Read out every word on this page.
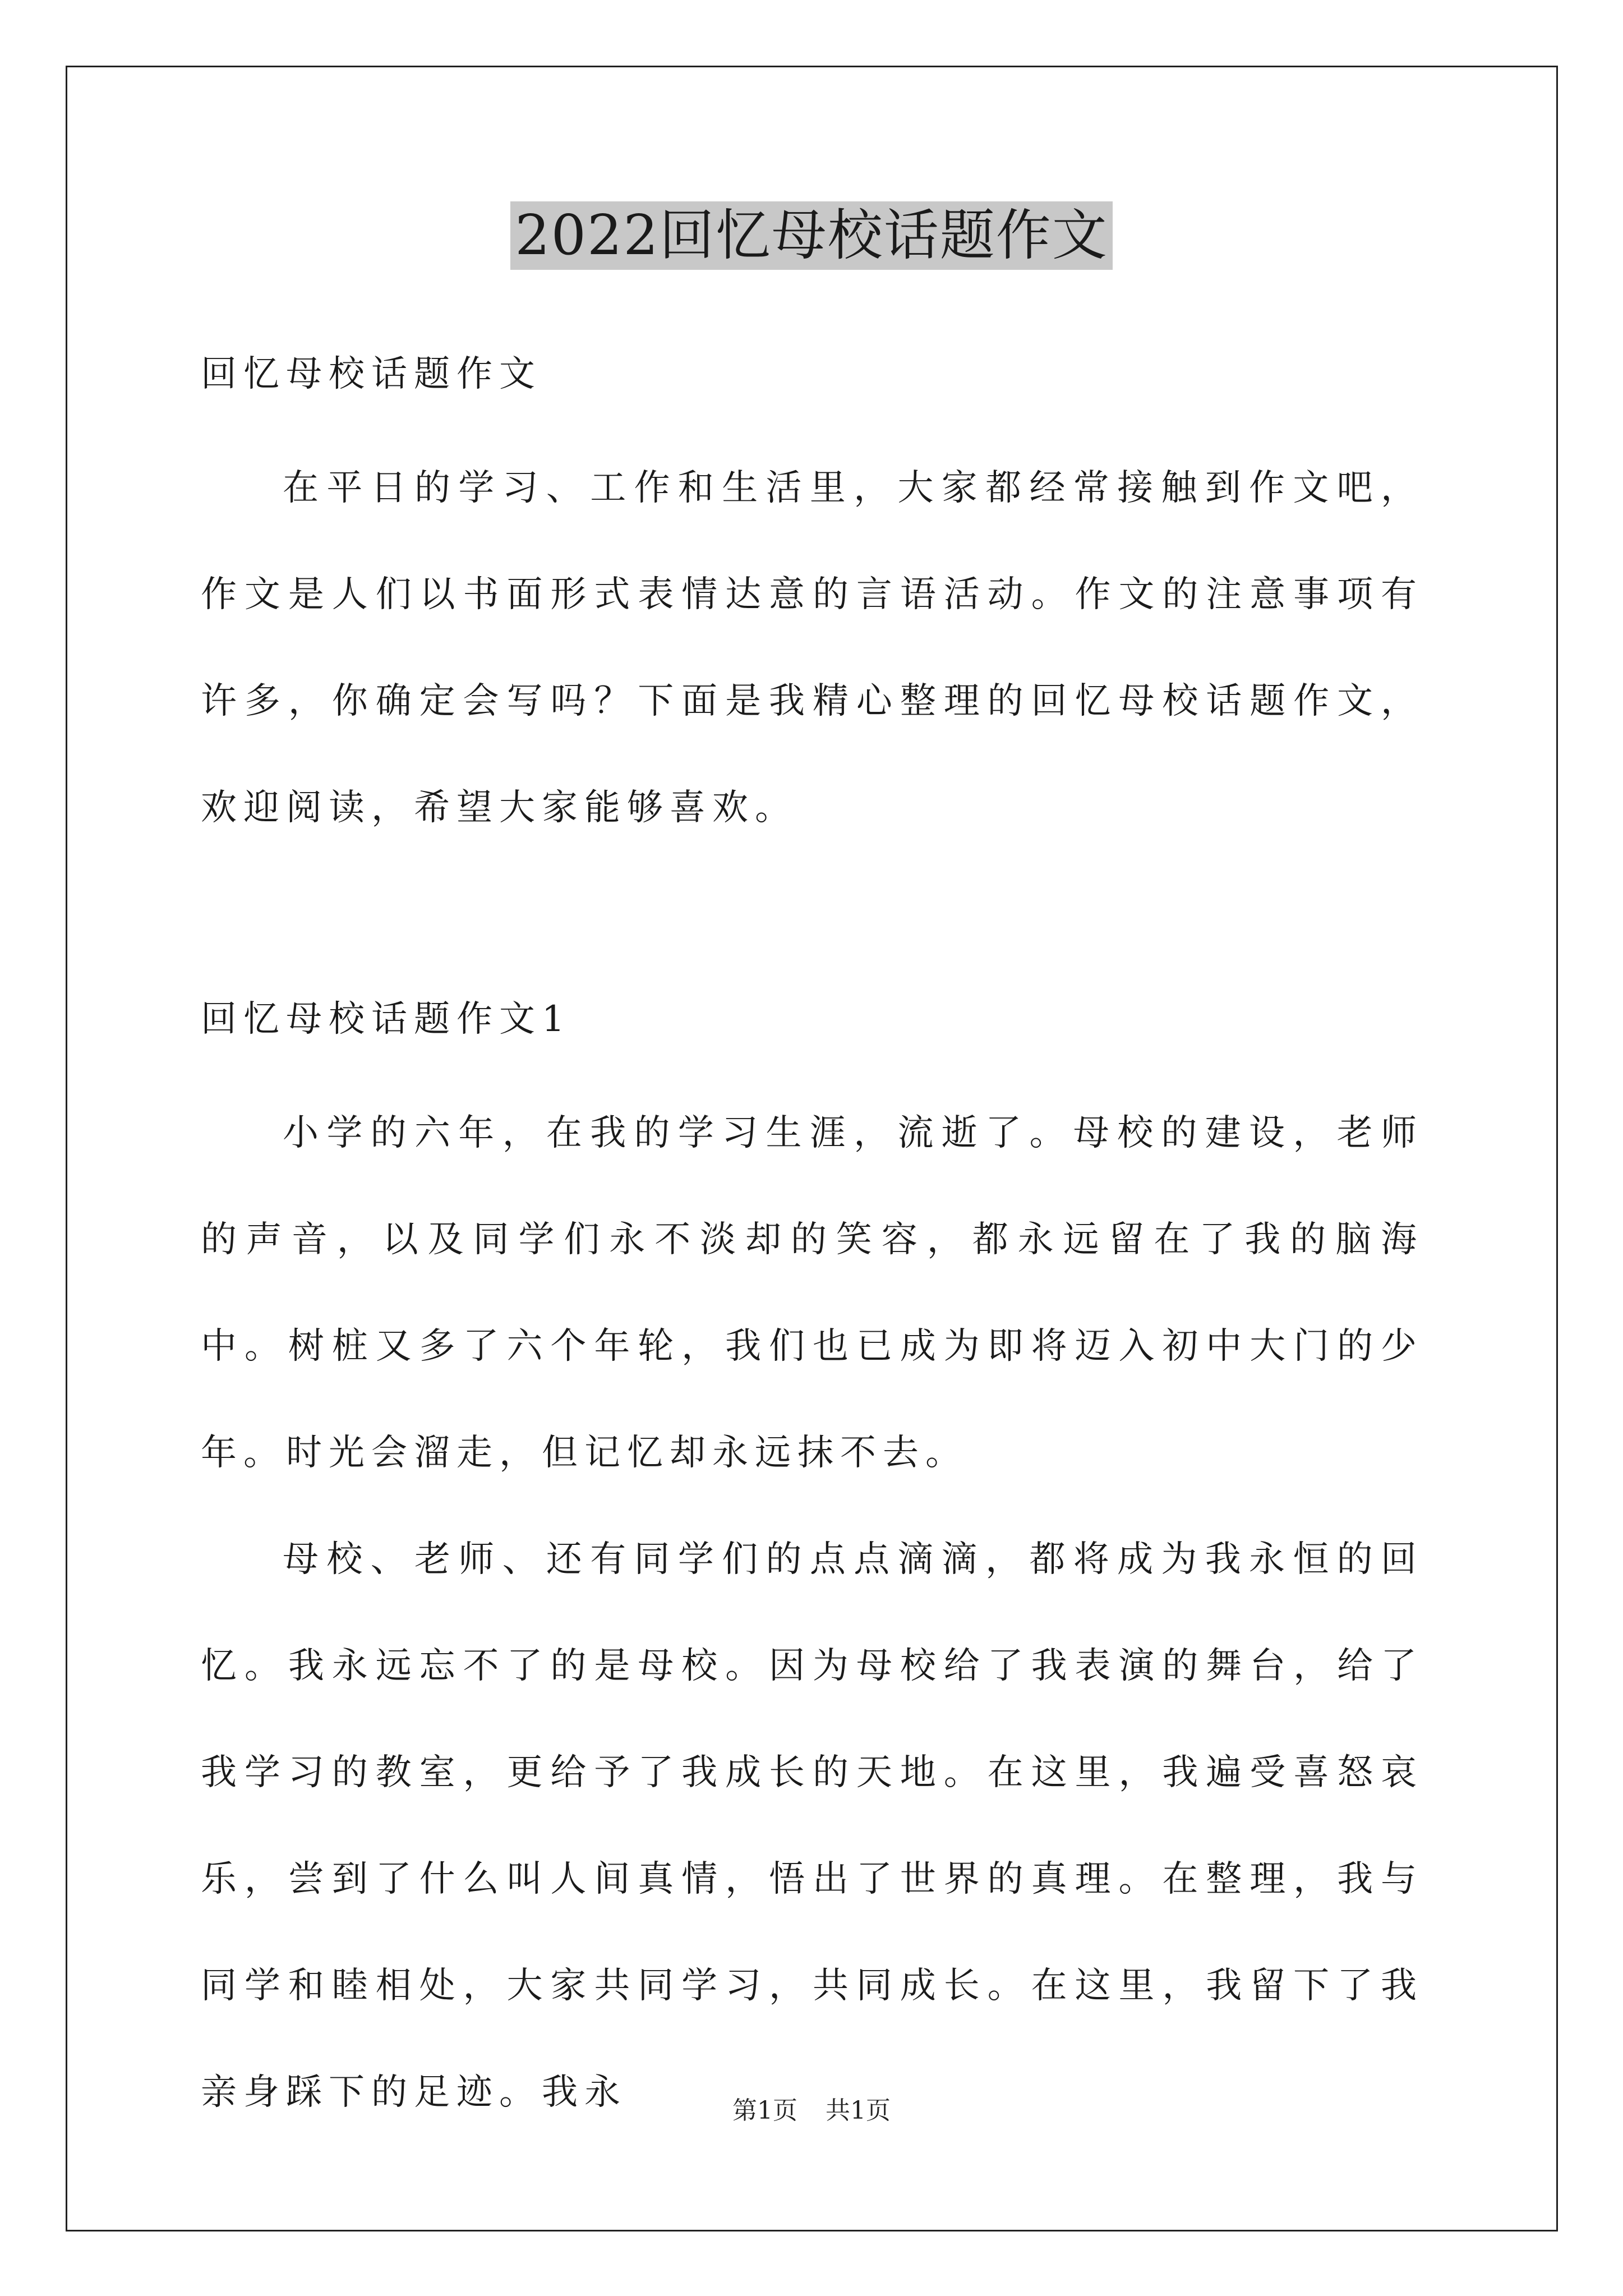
2022回忆母校话题作文
回忆母校话题作文

在平日的学习、工作和生活里，大家都经常接触到作文吧，作文是人们以书面形式表情达意的言语活动。作文的注意事项有许多，你确定会写吗？下面是我精心整理的回忆母校话题作文，欢迎阅读，希望大家能够喜欢。

回忆母校话题作文1

小学的六年，在我的学习生涯，流逝了。母校的建设，老师的声音，以及同学们永不淡却的笑容，都永远留在了我的脑海中。树桩又多了六个年轮，我们也已成为即将迈入初中大门的少年。时光会溜走，但记忆却永远抹不去。

母校、老师、还有同学们的点点滴滴，都将成为我永恒的回忆。我永远忘不了的是母校。因为母校给了我表演的舞台，给了我学习的教室，更给予了我成长的天地。在这里，我遍受喜怒哀乐，尝到了什么叫人间真情，悟出了世界的真理。在整理，我与同学和睦相处，大家共同学习，共同成长。在这里，我留下了我亲身踩下的足迹。我永	第1页 共1页
